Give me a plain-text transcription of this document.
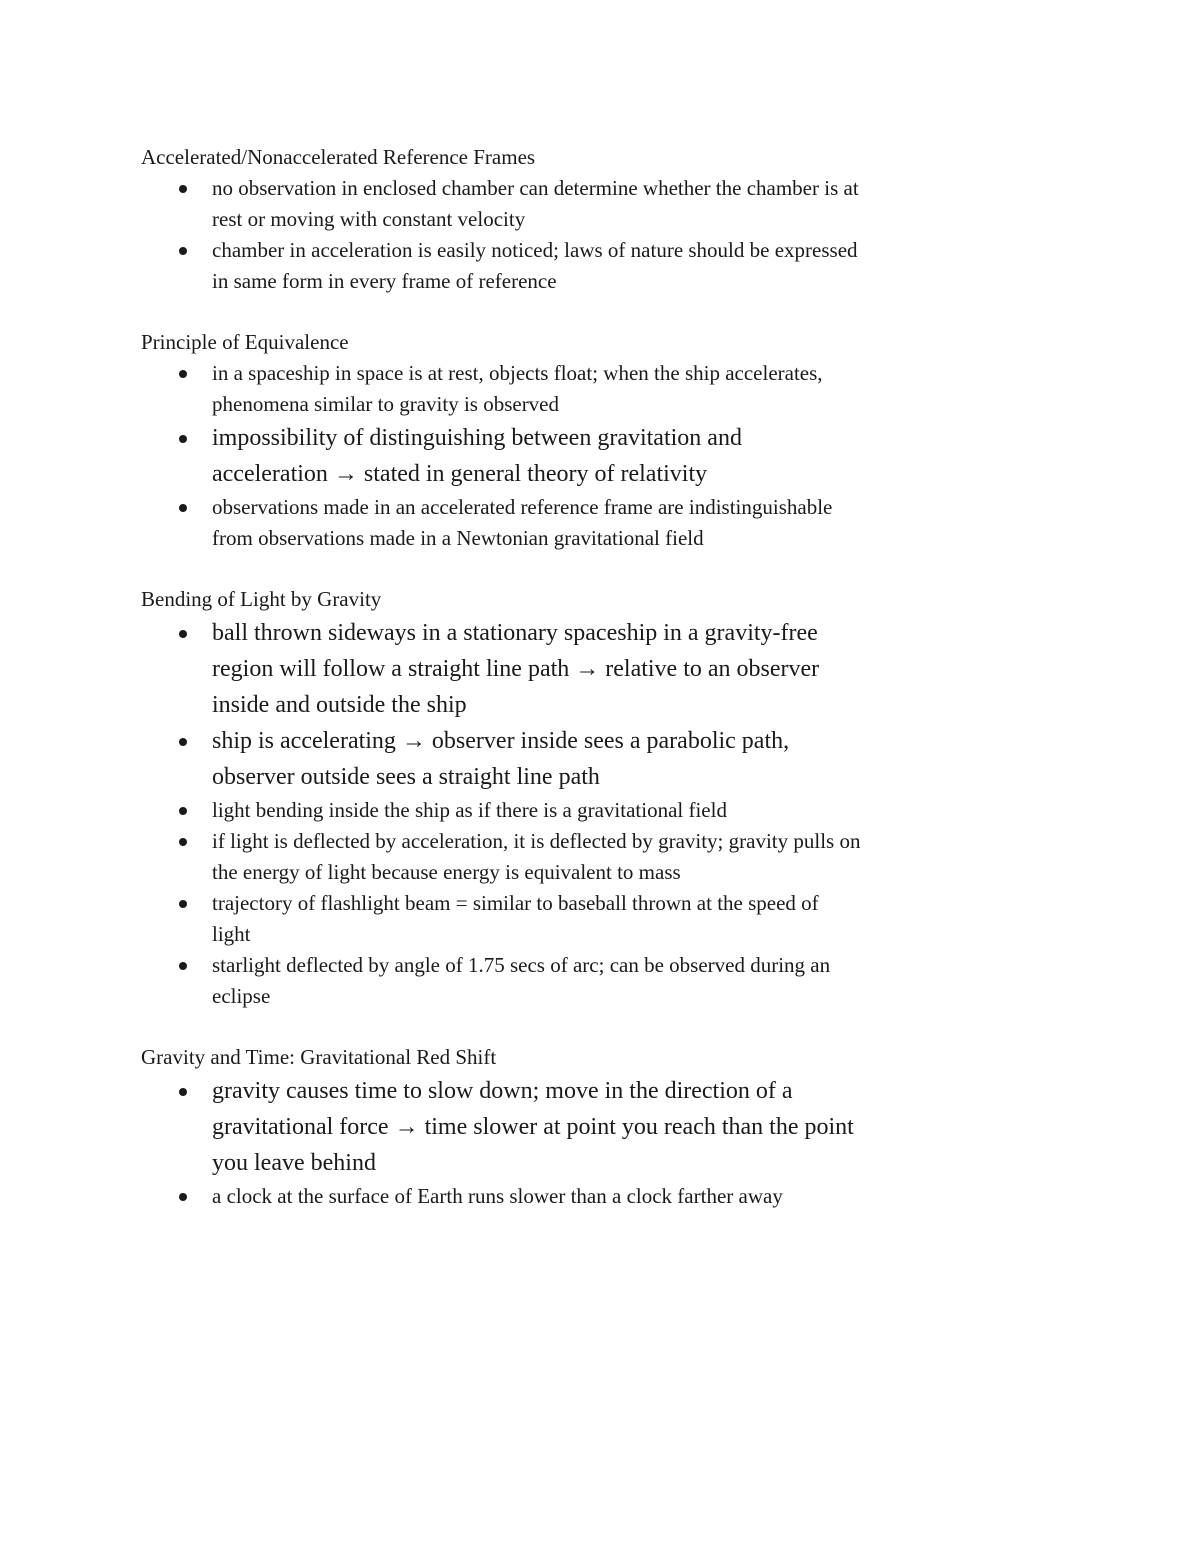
Accelerated/Nonaccelerated Reference Frames

no observation in enclosed chamber can determine whether the chamber is at rest or moving with constant velocity
chamber in acceleration is easily noticed; laws of nature should be expressed in same form in every frame of reference

Principle of Equivalence

in a spaceship in space is at rest, objects float; when the ship accelerates, phenomena similar to gravity is observed
impossibility of distinguishing between gravitation and acceleration → stated in general theory of relativity
observations made in an accelerated reference frame are indistinguishable from observations made in a Newtonian gravitational field

Bending of Light by Gravity

ball thrown sideways in a stationary spaceship in a gravity-free region will follow a straight line path → relative to an observer inside and outside the ship
ship is accelerating → observer inside sees a parabolic path, observer outside sees a straight line path
light bending inside the ship as if there is a gravitational field
if light is deflected by acceleration, it is deflected by gravity; gravity pulls on the energy of light because energy is equivalent to mass
trajectory of flashlight beam = similar to baseball thrown at the speed of light
starlight deflected by angle of 1.75 secs of arc; can be observed during an eclipse

Gravity and Time: Gravitational Red Shift

gravity causes time to slow down; move in the direction of a gravitational force → time slower at point you reach than the point you leave behind
a clock at the surface of Earth runs slower than a clock farther away
